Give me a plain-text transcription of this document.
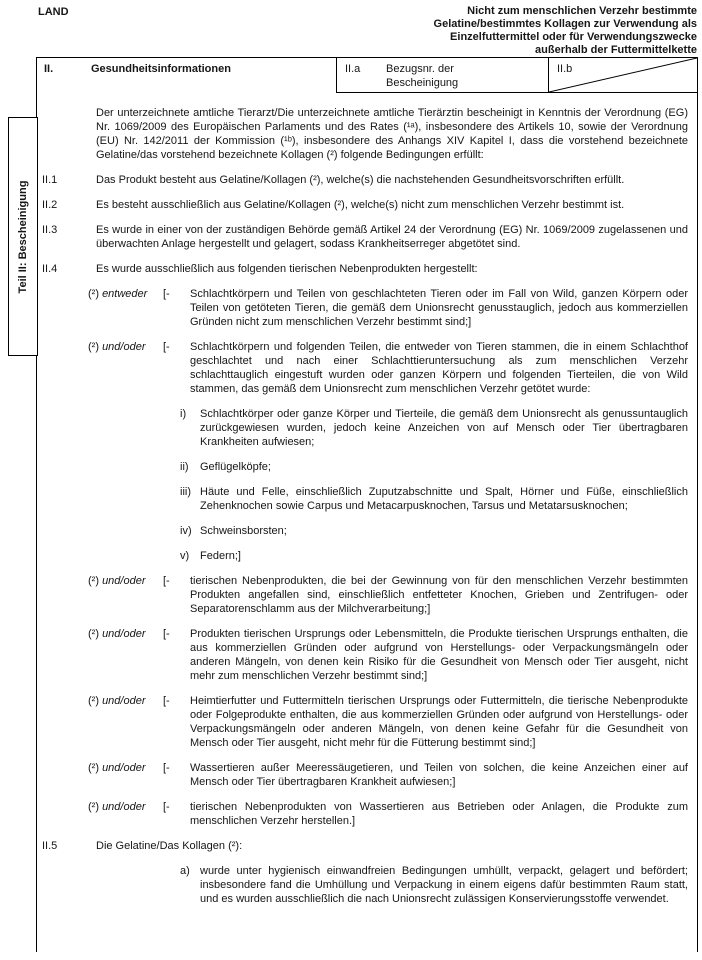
LAND	Nicht zum menschlichen Verzehr bestimmte
Gelatine/bestimmtes Kollagen zur Verwendung als
Einzelfuttermittel oder für Verwendungszwecke
außerhalb der Futtermittelkette
II.	Gesundheitsinformationen	II.a	Bezugsnr. der Bescheinigung
II.b

Der unterzeichnete amtliche Tierarzt/Die unterzeichnete amtliche Tierärztin bescheinigt in Kenntnis der Verordnung (EG) Nr. 1069/2009 des Europäischen Parlaments und des Rates (¹ᵃ), insbesondere des Artikels 10, sowie der Verordnung (EU) Nr. 142/2011 der Kommission (¹ᵇ), insbesondere des Anhangs XIV Kapitel I, dass die vorstehend bezeichnete Gelatine/das vorstehend bezeichnete Kollagen (²) folgende Bedingungen erfüllt:

II.1	Das Produkt besteht aus Gelatine/Kollagen (²), welche(s) die nachstehenden Gesundheitsvorschriften erfüllt.
II.2	Es besteht ausschließlich aus Gelatine/Kollagen (²), welche(s) nicht zum menschlichen Verzehr bestimmt ist.
II.3	Es wurde in einer von der zuständigen Behörde gemäß Artikel 24 der Verordnung (EG) Nr. 1069/2009 zugelassenen und überwachten Anlage hergestellt und gelagert, sodass Krankheitserreger abgetötet sind.
II.4	Es wurde ausschließlich aus folgenden tierischen Nebenprodukten hergestellt:
(²) entweder	[-	Schlachtkörpern und Teilen von geschlachteten Tieren oder im Fall von Wild, ganzen Körpern oder Teilen von getöteten Tieren, die gemäß dem Unionsrecht genusstauglich, jedoch aus kommerziellen Gründen nicht zum menschlichen Verzehr bestimmt sind;]
(²) und/oder	[-	Schlachtkörpern und folgenden Teilen, die entweder von Tieren stammen, die in einem Schlachthof geschlachtet und nach einer Schlachttieruntersuchung als zum menschlichen Verzehr schlachttauglich eingestuft wurden oder ganzen Körpern und folgenden Tierteilen, die von Wild stammen, das gemäß dem Unionsrecht zum menschlichen Verzehr getötet wurde:
i)	Schlachtkörper oder ganze Körper und Tierteile, die gemäß dem Unionsrecht als genussuntauglich zurückgewiesen wurden, jedoch keine Anzeichen von auf Mensch oder Tier übertragbaren Krankheiten aufwiesen;
ii)	Geflügelköpfe;
iii) Häute und Felle, einschließlich Zuputzabschnitte und Spalt, Hörner und Füße, einschließlich Zehenknochen sowie Carpus und Metacarpusknochen, Tarsus und Metatarsusknochen;
iv) Schweinsborsten;
v) Federn;]
(²) und/oder	[-	tierischen Nebenprodukten, die bei der Gewinnung von für den menschlichen Verzehr bestimmten Produkten angefallen sind, einschließlich entfetteter Knochen, Grieben und Zentrifugen- oder Separatorenschlamm aus der Milchverarbeitung;]
(²) und/oder	[-	Produkten tierischen Ursprungs oder Lebensmitteln, die Produkte tierischen Ursprungs enthalten, die aus kommerziellen Gründen oder aufgrund von Herstellungs- oder Verpackungsmängeln oder anderen Mängeln, von denen kein Risiko für die Gesundheit von Mensch oder Tier ausgeht, nicht mehr zum menschlichen Verzehr bestimmt sind;]
(²) und/oder	[-	Heimtierfutter und Futtermitteln tierischen Ursprungs oder Futtermitteln, die tierische Nebenprodukte oder Folgeprodukte enthalten, die aus kommerziellen Gründen oder aufgrund von Herstellungs- oder Verpackungsmängeln oder anderen Mängeln, von denen keine Gefahr für die Gesundheit von Mensch oder Tier ausgeht, nicht mehr für die Fütterung bestimmt sind;]
(²) und/oder	[-	Wassertieren außer Meeressäugetieren, und Teilen von solchen, die keine Anzeichen einer auf Mensch oder Tier übertragbaren Krankheit aufwiesen;]
(²) und/oder	[-	tierischen Nebenprodukten von Wassertieren aus Betrieben oder Anlagen, die Produkte zum menschlichen Verzehr herstellen.]
II.5	Die Gelatine/Das Kollagen (²):
a) wurde unter hygienisch einwandfreien Bedingungen umhüllt, verpackt, gelagert und befördert; insbesondere fand die Umhüllung und Verpackung in einem eigens dafür bestimmten Raum statt, und es wurden ausschließlich die nach Unionsrecht zulässigen Konservierungsstoffe verwendet.
Teil II: Bescheinigung
